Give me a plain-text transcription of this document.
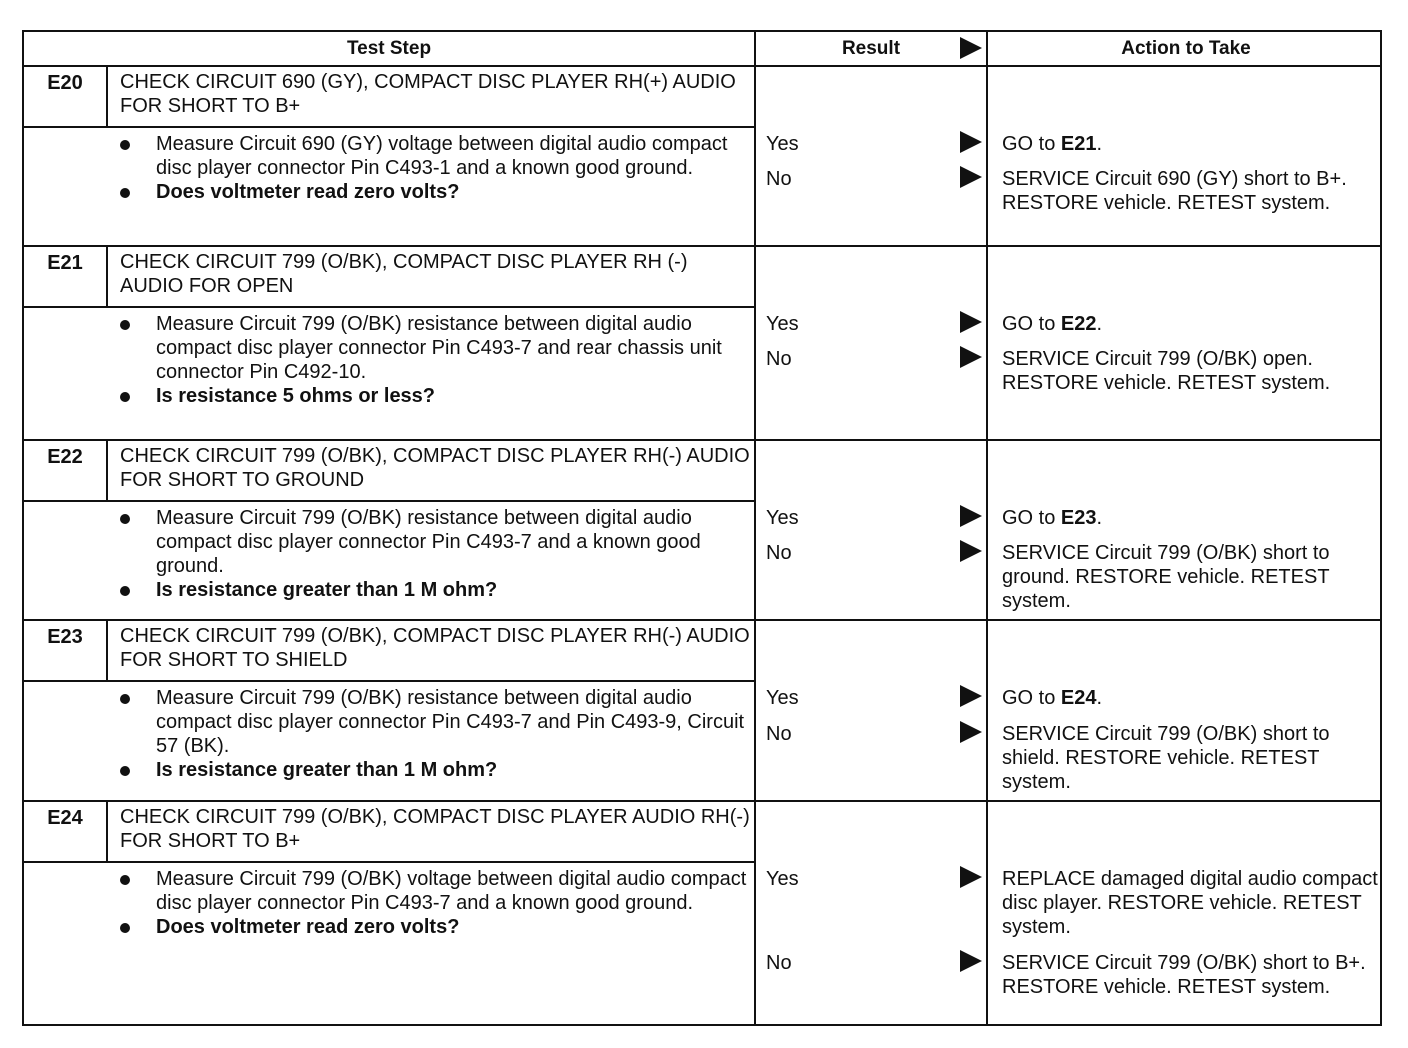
Test Step	Result	Action to Take
E20	CHECK CIRCUIT 690 (GY), COMPACT DISC PLAYER RH(+) AUDIO FOR SHORT TO B+
Measure Circuit 690 (GY) voltage between digital audio compact disc player connector Pin C493-1 and a known good ground.
Does voltmeter read zero volts?
Yes	GO to E21.
No	SERVICE Circuit 690 (GY) short to B+. RESTORE vehicle. RETEST system.
E21	CHECK CIRCUIT 799 (O/BK), COMPACT DISC PLAYER RH (-) AUDIO FOR OPEN
Measure Circuit 799 (O/BK) resistance between digital audio compact disc player connector Pin C493-7 and rear chassis unit connector Pin C492-10.
Is resistance 5 ohms or less?
Yes	GO to E22.
No	SERVICE Circuit 799 (O/BK) open. RESTORE vehicle. RETEST system.
E22	CHECK CIRCUIT 799 (O/BK), COMPACT DISC PLAYER RH(-) AUDIO FOR SHORT TO GROUND
Measure Circuit 799 (O/BK) resistance between digital audio compact disc player connector Pin C493-7 and a known good ground.
Is resistance greater than 1 M ohm?
Yes	GO to E23.
No	SERVICE Circuit 799 (O/BK) short to ground. RESTORE vehicle. RETEST system.
E23	CHECK CIRCUIT 799 (O/BK), COMPACT DISC PLAYER RH(-) AUDIO FOR SHORT TO SHIELD
Measure Circuit 799 (O/BK) resistance between digital audio compact disc player connector Pin C493-7 and Pin C493-9, Circuit 57 (BK).
Is resistance greater than 1 M ohm?
Yes	GO to E24.
No	SERVICE Circuit 799 (O/BK) short to shield. RESTORE vehicle. RETEST system.
E24	CHECK CIRCUIT 799 (O/BK), COMPACT DISC PLAYER AUDIO RH(-) FOR SHORT TO B+
Measure Circuit 799 (O/BK) voltage between digital audio compact disc player connector Pin C493-7 and a known good ground.
Does voltmeter read zero volts?
Yes	REPLACE damaged digital audio compact disc player. RESTORE vehicle. RETEST system.
No	SERVICE Circuit 799 (O/BK) short to B+. RESTORE vehicle. RETEST system.
